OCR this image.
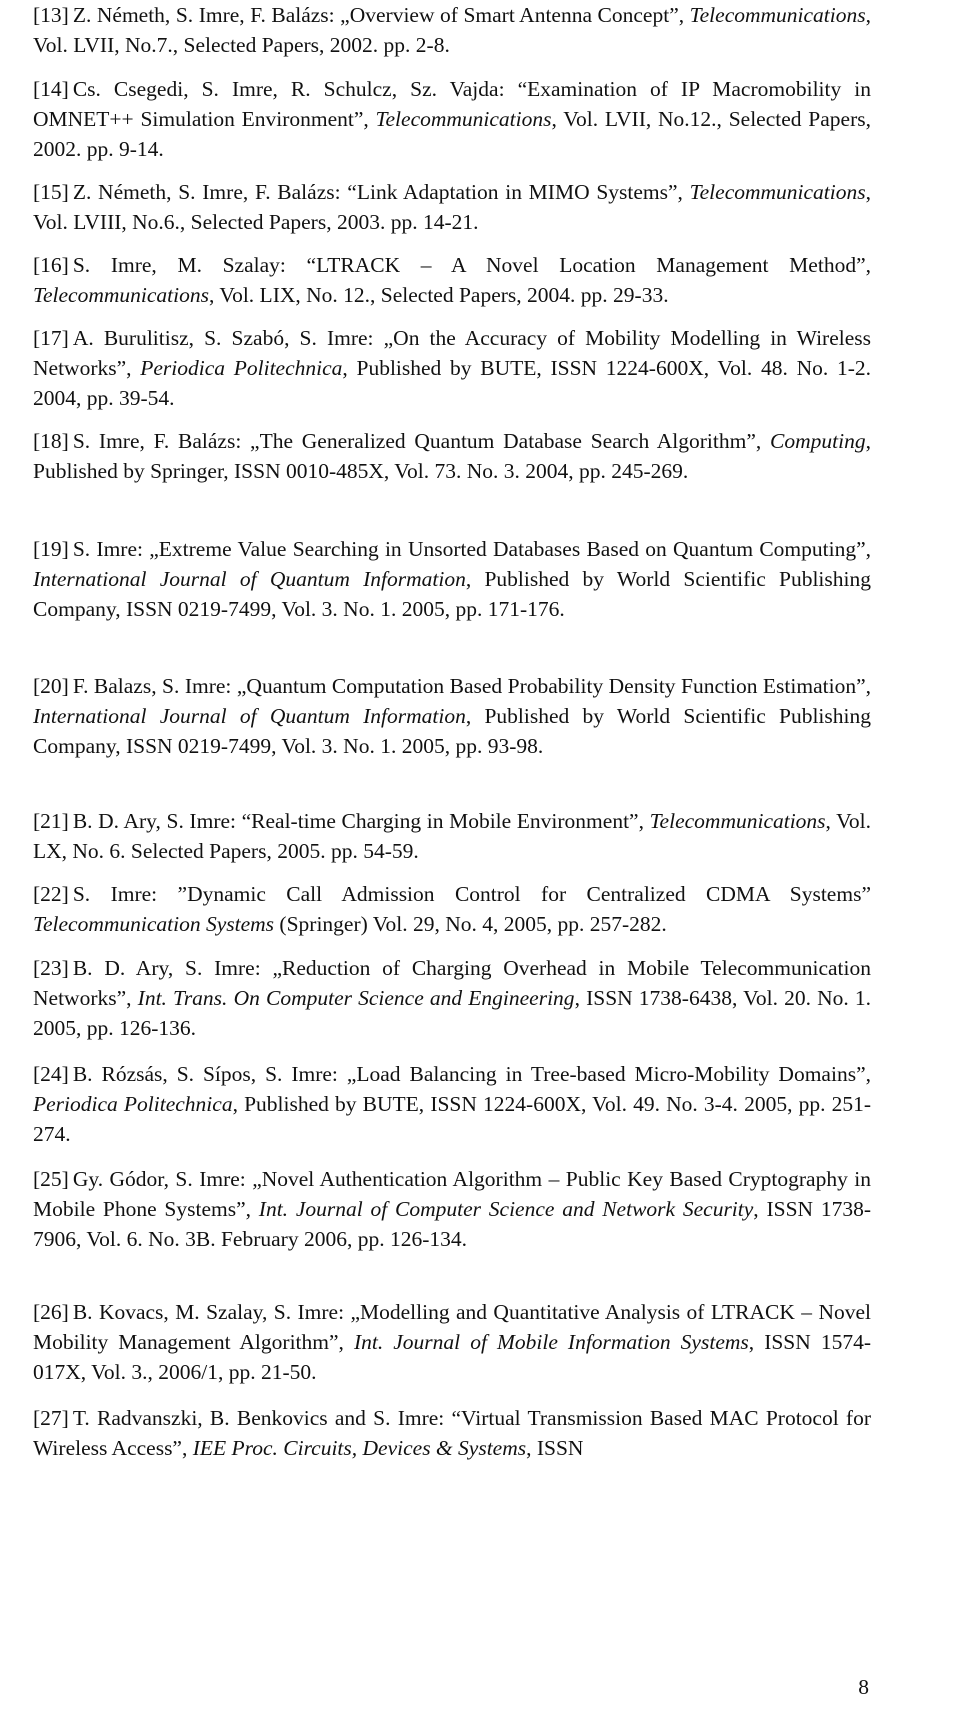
[13] Z. Németh, S. Imre, F. Balázs: „Overview of Smart Antenna Concept”, Telecommunications, Vol. LVII, No.7., Selected Papers, 2002. pp. 2-8.
[14] Cs. Csegedi, S. Imre, R. Schulcz, Sz. Vajda: “Examination of IP Macromobility in OMNET++ Simulation Environment”, Telecommunications, Vol. LVII, No.12., Selected Papers, 2002. pp. 9-14.
[15] Z. Németh, S. Imre, F. Balázs: “Link Adaptation in MIMO Systems”, Telecommunications, Vol. LVIII, No.6., Selected Papers, 2003. pp. 14-21.
[16] S. Imre, M. Szalay: “LTRACK – A Novel Location Management Method”, Telecommunications, Vol. LIX, No. 12., Selected Papers, 2004. pp. 29-33.
[17] A. Burulitisz, S. Szabó, S. Imre: „On the Accuracy of Mobility Modelling in Wireless Networks”, Periodica Politechnica, Published by BUTE, ISSN 1224-600X, Vol. 48. No. 1-2. 2004, pp. 39-54.
[18] S. Imre, F. Balázs: „The Generalized Quantum Database Search Algorithm”, Computing, Published by Springer, ISSN 0010-485X, Vol. 73. No. 3. 2004, pp. 245-269.
[19] S. Imre: „Extreme Value Searching in Unsorted Databases Based on Quantum Computing”, International Journal of Quantum Information, Published by World Scientific Publishing Company, ISSN 0219-7499, Vol. 3. No. 1. 2005, pp. 171-176.
[20] F. Balazs, S. Imre: „Quantum Computation Based Probability Density Function Estimation”, International Journal of Quantum Information, Published by World Scientific Publishing Company, ISSN 0219-7499, Vol. 3. No. 1. 2005, pp. 93-98.
[21] B. D. Ary, S. Imre: “Real-time Charging in Mobile Environment”, Telecommunications, Vol. LX, No. 6. Selected Papers, 2005. pp. 54-59.
[22] S. Imre: ”Dynamic Call Admission Control for Centralized CDMA Systems” Telecommunication Systems (Springer) Vol. 29, No. 4, 2005, pp. 257-282.
[23] B. D. Ary, S. Imre: „Reduction of Charging Overhead in Mobile Telecommunication Networks”, Int. Trans. On Computer Science and Engineering, ISSN 1738-6438, Vol. 20. No. 1. 2005, pp. 126-136.
[24] B. Rózsás, S. Sípos, S. Imre: „Load Balancing in Tree-based Micro-Mobility Domains”, Periodica Politechnica, Published by BUTE, ISSN 1224-600X, Vol. 49. No. 3-4. 2005, pp. 251-274.
[25] Gy. Gódor, S. Imre: „Novel Authentication Algorithm – Public Key Based Cryptography in Mobile Phone Systems”, Int. Journal of Computer Science and Network Security, ISSN 1738-7906, Vol. 6. No. 3B. February 2006, pp. 126-134.
[26] B. Kovacs, M. Szalay, S. Imre: „Modelling and Quantitative Analysis of LTRACK – Novel Mobility Management Algorithm”, Int. Journal of Mobile Information Systems, ISSN 1574-017X, Vol. 3., 2006/1, pp. 21-50.
[27] T. Radvanszki, B. Benkovics and S. Imre: “Virtual Transmission Based MAC Protocol for Wireless Access”, IEE Proc. Circuits, Devices & Systems, ISSN
8
